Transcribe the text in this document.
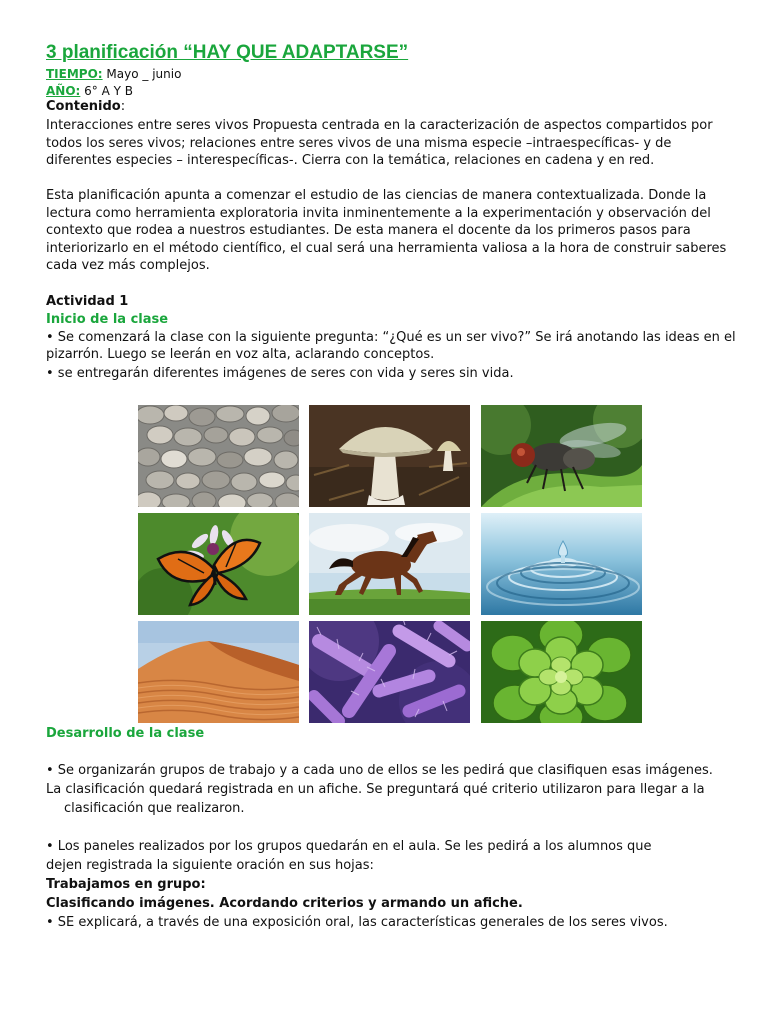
3 planificación “HAY QUE ADAPTARSE”
TIEMPO: Mayo _ junio
AÑO: 6° A Y B
Contenido:

Interacciones entre seres vivos Propuesta centrada en la caracterización de aspectos compartidos por todos los seres vivos; relaciones entre seres vivos de una misma especie –intraespecíficas- y de diferentes especies – interespecíficas-. Cierra con la temática, relaciones en cadena y en red.

Esta planificación apunta a comenzar el estudio de las ciencias de manera contextualizada. Donde la lectura como herramienta exploratoria invita inminentemente a la experimentación y observación del contexto que rodea a nuestros estudiantes. De esta manera el docente da los primeros pasos para interiorizarlo en el método científico, el cual será una herramienta valiosa a la hora de construir saberes cada vez más complejos.

Actividad 1
Inicio de la clase
• Se comenzará la clase con la siguiente pregunta: “¿Qué es un ser vivo?” Se irá anotando las ideas en el
pizarrón. Luego se leerán en voz alta, aclarando conceptos.
• se entregarán diferentes imágenes de seres con vida y seres sin vida.
Desarrollo de la clase
• Se organizarán grupos de trabajo y a cada uno de ellos se les pedirá que clasifiquen esas imágenes.
La clasificación quedará registrada en un afiche. Se preguntará qué criterio utilizaron para llegar a la
clasificación que realizaron.
• Los paneles realizados por los grupos quedarán en el aula. Se les pedirá a los alumnos que
dejen registrada la siguiente oración en sus hojas:
Trabajamos en grupo:
Clasificando imágenes. Acordando criterios y armando un afiche.
• SE explicará, a través de una exposición oral, las características generales de los seres vivos.
